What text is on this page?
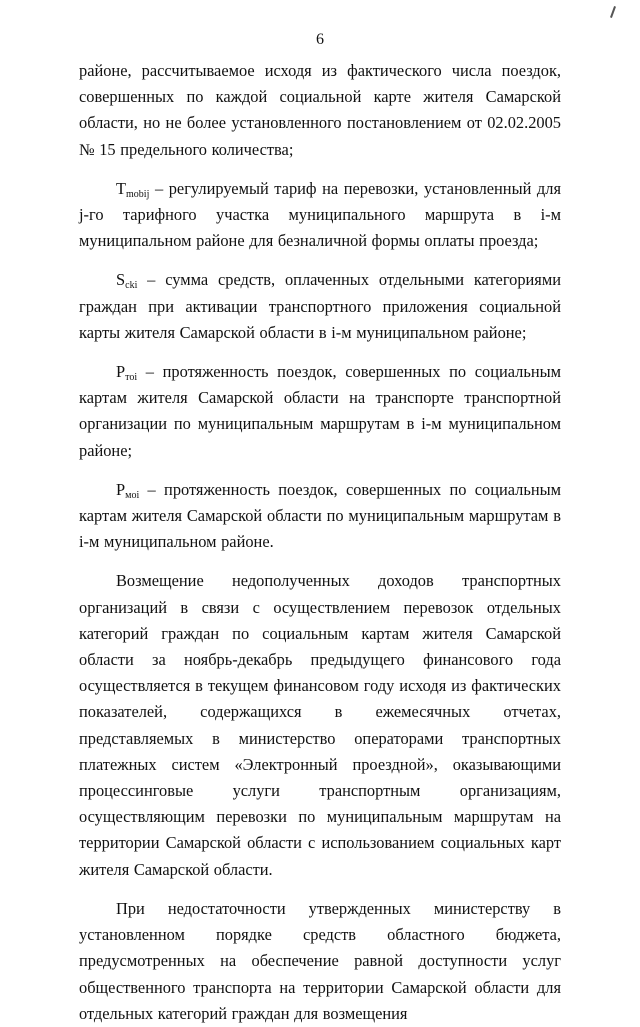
6

районе, рассчитываемое исходя из фактического числа поездок, совершенных по каждой социальной карте жителя Самарской области, но не более установленного постановлением от 02.02.2005 № 15 предельного количества;

$T_{mobij}$ – регулируемый тариф на перевозки, установленный для j-го тарифного участка муниципального маршрута в i-м муниципальном районе для безналичной формы оплаты проезда;

$S_{cki}$ – сумма средств, оплаченных отдельными категориями граждан при активации транспортного приложения социальной карты жителя Самарской области в i-м муниципальном районе;

$P_{тоi}$ – протяженность поездок, совершенных по социальным картам жителя Самарской области на транспорте транспортной организации по муниципальным маршрутам в i-м муниципальном районе;

$P_{мoi}$ – протяженность поездок, совершенных по социальным картам жителя Самарской области по муниципальным маршрутам в i-м муниципальном районе.

Возмещение недополученных доходов транспортных организаций в связи с осуществлением перевозок отдельных категорий граждан по социальным картам жителя Самарской области за ноябрь-декабрь предыдущего финансового года осуществляется в текущем финансовом году исходя из фактических показателей, содержащихся в ежемесячных отчетах, представляемых в министерство операторами транспортных платежных систем «Электронный проездной», оказывающими процессинговые услуги транспортным организациям, осуществляющим перевозки по муниципальным маршрутам на территории Самарской области с использованием социальных карт жителя Самарской области.

При недостаточности утвержденных министерству в установленном порядке средств областного бюджета, предусмотренных на обеспечение равной доступности услуг общественного транспорта на территории Самарской области для отдельных категорий граждан для возмещения
